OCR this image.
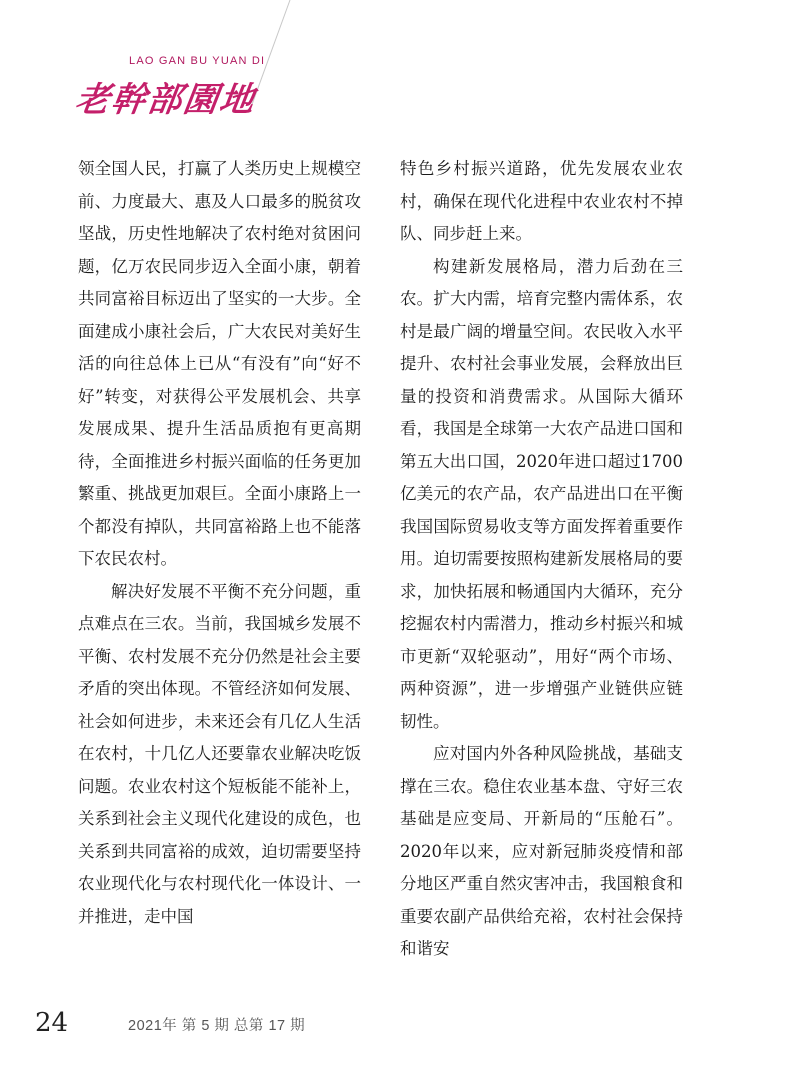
LAO GAN BU YUAN DI
老幹部園地

领全国人民，打赢了人类历史上规模空前、力度最大、惠及人口最多的脱贫攻坚战，历史性地解决了农村绝对贫困问题，亿万农民同步迈入全面小康，朝着共同富裕目标迈出了坚实的一大步。全面建成小康社会后，广大农民对美好生活的向往总体上已从“有没有”向“好不好”转变，对获得公平发展机会、共享发展成果、提升生活品质抱有更高期待，全面推进乡村振兴面临的任务更加繁重、挑战更加艰巨。全面小康路上一个都没有掉队，共同富裕路上也不能落下农民农村。

解决好发展不平衡不充分问题，重点难点在三农。当前，我国城乡发展不平衡、农村发展不充分仍然是社会主要矛盾的突出体现。不管经济如何发展、社会如何进步，未来还会有几亿人生活在农村，十几亿人还要靠农业解决吃饭问题。农业农村这个短板能不能补上，关系到社会主义现代化建设的成色，也关系到共同富裕的成效，迫切需要坚持农业现代化与农村现代化一体设计、一并推进，走中国

特色乡村振兴道路，优先发展农业农村，确保在现代化进程中农业农村不掉队、同步赶上来。

构建新发展格局，潜力后劲在三农。扩大内需，培育完整内需体系，农村是最广阔的增量空间。农民收入水平提升、农村社会事业发展，会释放出巨量的投资和消费需求。从国际大循环看，我国是全球第一大农产品进口国和第五大出口国，2020年进口超过1700亿美元的农产品，农产品进出口在平衡我国国际贸易收支等方面发挥着重要作用。迫切需要按照构建新发展格局的要求，加快拓展和畅通国内大循环，充分挖掘农村内需潜力，推动乡村振兴和城市更新“双轮驱动”，用好“两个市场、两种资源”，进一步增强产业链供应链韧性。

应对国内外各种风险挑战，基础支撑在三农。稳住农业基本盘、守好三农基础是应变局、开新局的“压舱石”。2020年以来，应对新冠肺炎疫情和部分地区严重自然灾害冲击，我国粮食和重要农副产品供给充裕，农村社会保持和谐安

24	2021年 第 5 期 总第 17 期
